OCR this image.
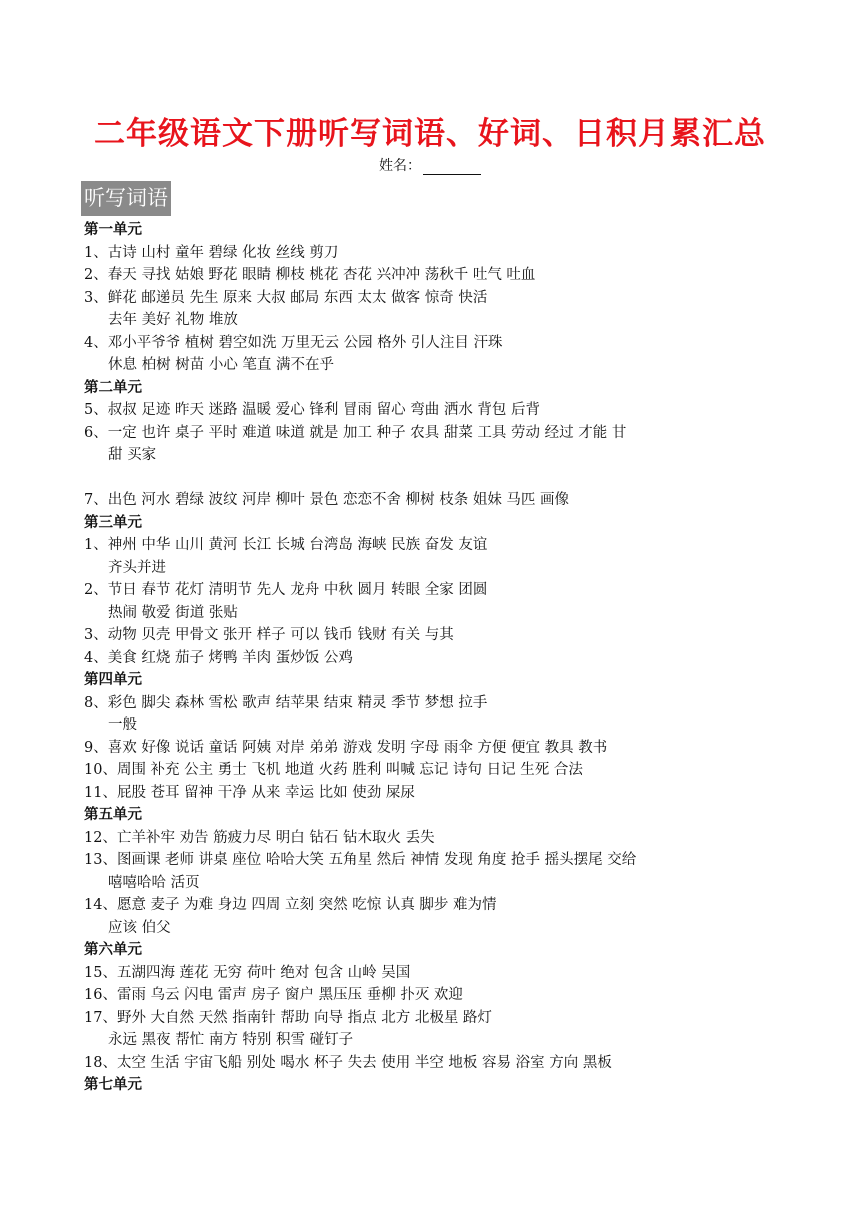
二年级语文下册听写词语、好词、日积月累汇总
姓名：
听写词语
第一单元
1、古诗 山村 童年 碧绿 化妆 丝线 剪刀
2、春天 寻找 姑娘 野花 眼睛 柳枝 桃花 杏花 兴冲冲 荡秋千 吐气 吐血
3、鲜花 邮递员 先生 原来 大叔 邮局 东西 太太 做客 惊奇 快活
去年 美好 礼物 堆放
4、邓小平爷爷 植树 碧空如洗 万里无云 公园 格外 引人注目 汗珠
休息 柏树 树苗 小心 笔直 满不在乎
第二单元
5、叔叔 足迹 昨天 迷路 温暖 爱心 锋利 冒雨 留心 弯曲 洒水 背包 后背
6、一定 也许 桌子 平时 难道 味道 就是 加工 种子 农具 甜菜 工具 劳动 经过 才能 甘
甜 买家
7、出色 河水 碧绿 波纹 河岸 柳叶 景色 恋恋不舍 柳树 枝条 姐妹 马匹 画像
第三单元
1、神州 中华 山川 黄河 长江 长城 台湾岛 海峡 民族 奋发 友谊
齐头并进
2、节日 春节 花灯 清明节 先人 龙舟 中秋 圆月 转眼 全家 团圆
热闹 敬爱 街道 张贴
3、动物 贝壳 甲骨文 张开 样子 可以 钱币 钱财 有关 与其
4、美食 红烧 茄子 烤鸭 羊肉 蛋炒饭 公鸡
第四单元
8、彩色 脚尖 森林 雪松 歌声 结苹果 结束 精灵 季节 梦想 拉手
一般
9、喜欢 好像 说话 童话 阿姨 对岸 弟弟 游戏 发明 字母 雨伞 方便 便宜 教具 教书
10、周围 补充 公主 勇士 飞机 地道 火药 胜利 叫喊 忘记 诗句 日记 生死 合法
11、屁股 苍耳 留神 干净 从来 幸运 比如 使劲 屎尿
第五单元
12、亡羊补牢 劝告 筋疲力尽 明白 钻石 钻木取火 丢失
13、图画课 老师 讲桌 座位 哈哈大笑 五角星 然后 神情 发现 角度 抢手 摇头摆尾 交给
嘻嘻哈哈 活页
14、愿意 麦子 为难 身边 四周 立刻 突然 吃惊 认真 脚步 难为情
应该 伯父
第六单元
15、五湖四海 莲花 无穷 荷叶 绝对 包含 山岭 吴国
16、雷雨 乌云 闪电 雷声 房子 窗户 黑压压 垂柳 扑灭 欢迎
17、野外 大自然 天然 指南针 帮助 向导 指点 北方 北极星 路灯
永远 黑夜 帮忙 南方 特别 积雪 碰钉子
18、太空 生活 宇宙飞船 别处 喝水 杯子 失去 使用 半空 地板 容易 浴室 方向 黑板
第七单元
